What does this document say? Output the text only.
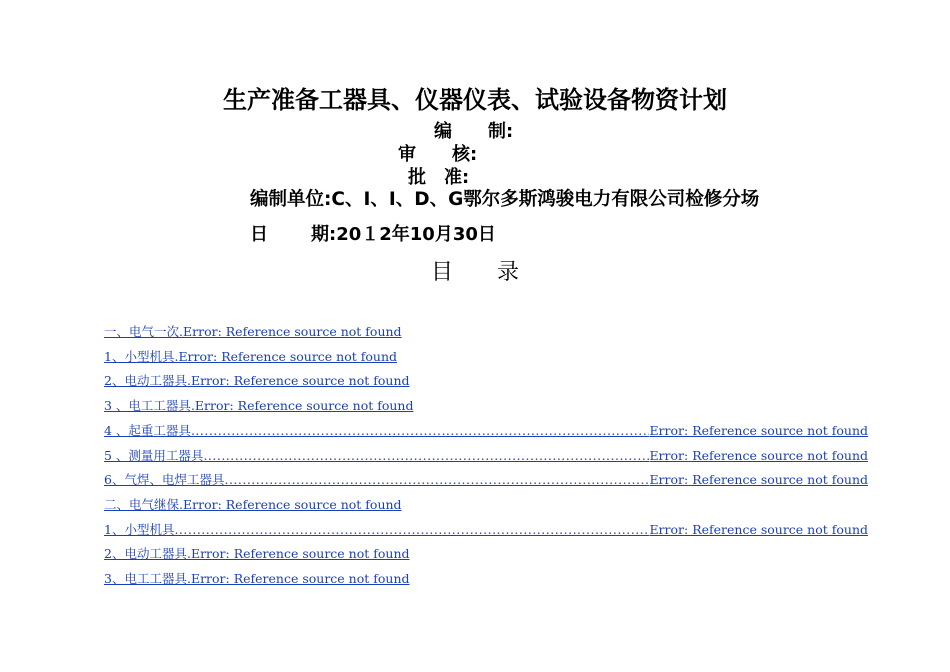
生产准备工器具、仪器仪表、试验设备物资计划
编　　制:
审　　核:
批　准:
编制单位:C、I、I、D、G鄂尔多斯鸿骏电力有限公司检修分场
日 期:20１2年10月30日
目　　录
一、电气一次.Error: Reference source not found
1、小型机具.Error: Reference source not found
2、电动工器具.Error: Reference source not found
3 、电工工器具.Error: Reference source not found
4 、起重工器具 .....	Error: Reference source not found
5 、测量用工器具 .....	Error: Reference source not found
6、气焊、电焊工器具 .....	Error: Reference source not found
二、电气继保.Error: Reference source not found
1、小型机具 .....	Error: Reference source not found
2、电动工器具.Error: Reference source not found
3、电工工器具.Error: Reference source not found
